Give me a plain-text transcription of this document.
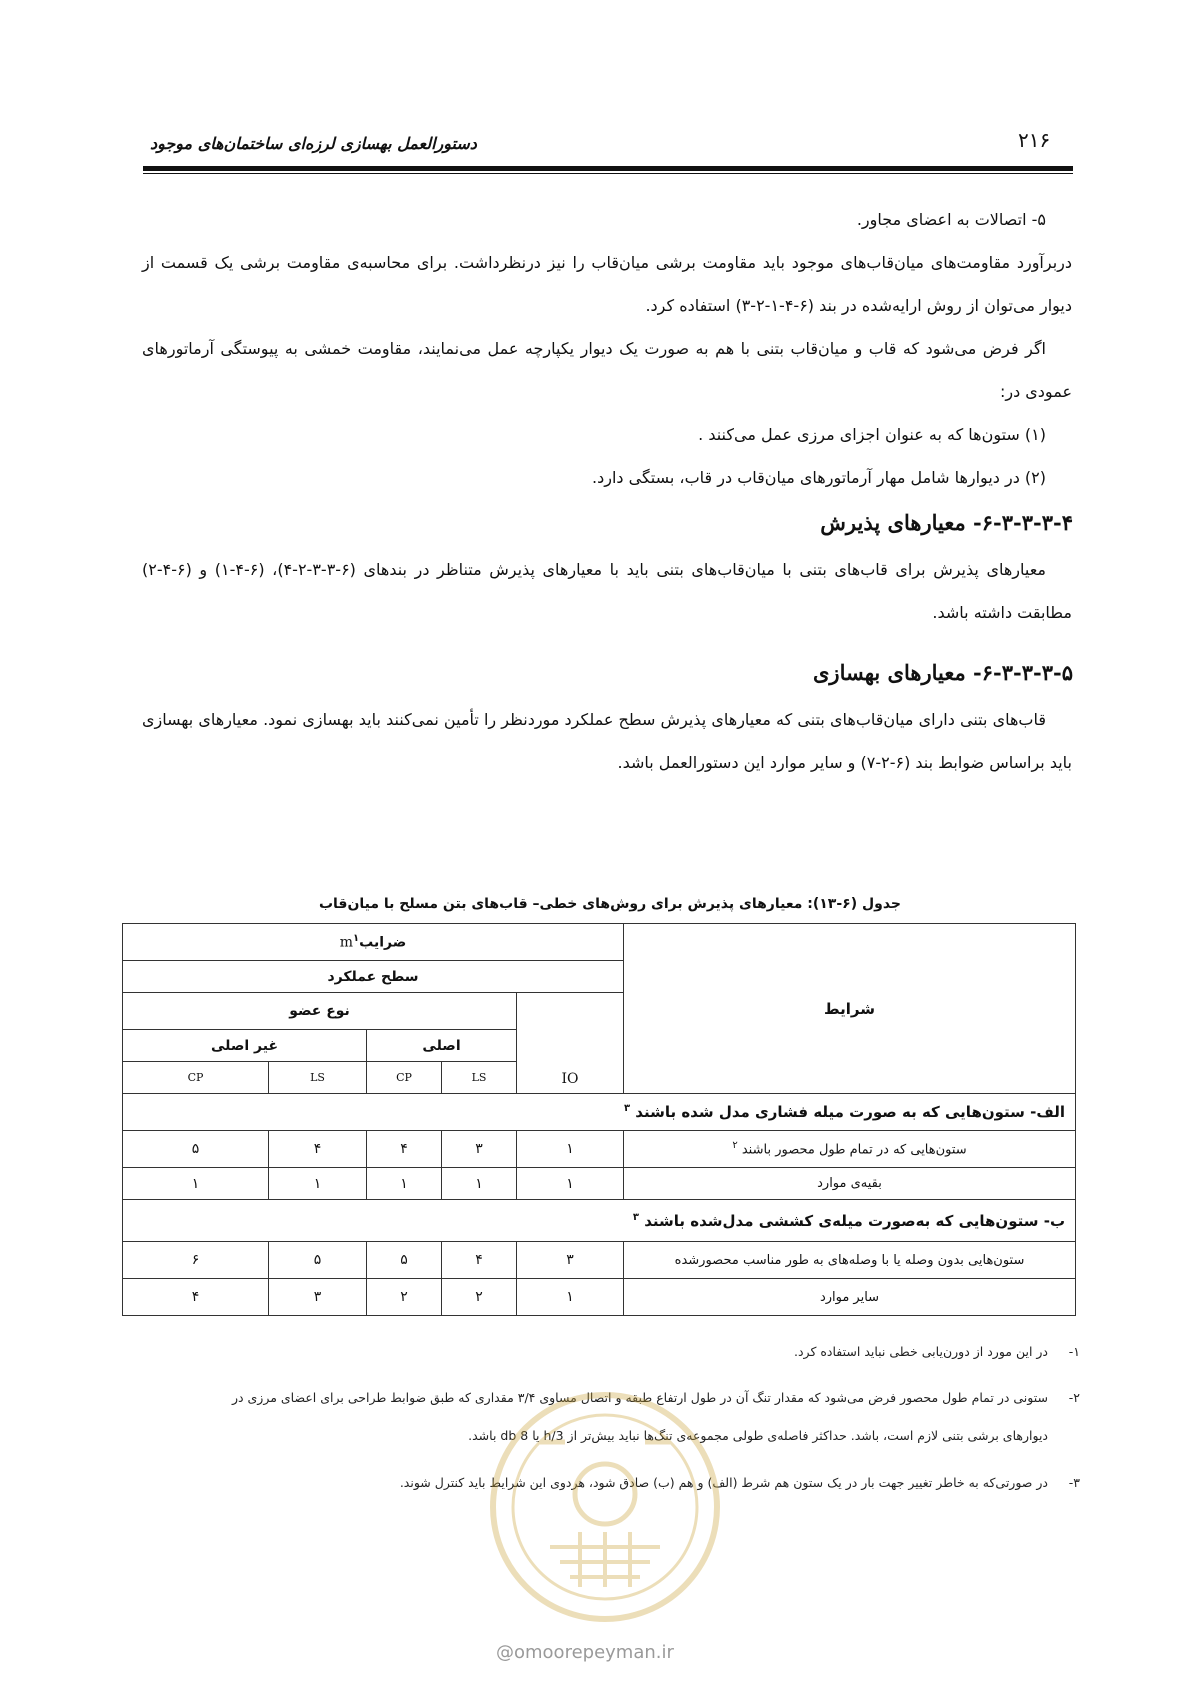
دستورالعمل بهسازی لرزه‌ای ساختمان‌های موجود	۲۱۶

۵- اتصالات به اعضای مجاور.

دربرآورد مقاومت‌های میان‌قاب‌های موجود باید مقاومت برشی میان‌قاب را نیز درنظرداشت. برای محاسبه‌ی مقاومت برشی یک قسمت از دیوار می‌توان از روش ارایه‌شده در بند (۶-۴-۱-۲-۳) استفاده کرد.

اگر فرض می‌شود که قاب و میان‌قاب بتنی با هم به صورت یک دیوار یکپارچه عمل می‌نمایند، مقاومت خمشی به پیوستگی آرماتورهای عمودی در:

(۱) ستون‌ها که به عنوان اجزای مرزی عمل می‌کنند .

(۲) در دیوارها شامل مهار آرماتورهای میان‌قاب در قاب، بستگی دارد.

۶-۳-۳-۳-۴- معیارهای پذیرش

معیارهای پذیرش برای قاب‌های بتنی با میان‌قاب‌های بتنی باید با معیارهای پذیرش متناظر در بندهای (۶-۳-۳-۲-۴)، (۶-۴-۱) و (۶-۴-۲) مطابقت داشته باشد.

۶-۳-۳-۳-۵- معیارهای بهسازی

قاب‌های بتنی دارای میان‌قاب‌های بتنی که معیارهای پذیرش سطح عملکرد موردنظر را تأمین نمی‌کنند باید بهسازی نمود. معیارهای بهسازی باید براساس ضوابط بند (۶-۲-۷) و سایر موارد این دستورالعمل باشد.

جدول (۶-۱۳): معیارهای پذیرش برای روش‌های خطی– قاب‌های بتن مسلح با میان‌قاب
شرایط	ضرایبm$^۱$
	سطح عملکرد				
	IO	نوع عضو			
		اصلی		غیر اصلی	
		LS	CP	LS	CP
الف- ستون‌هایی که به صورت میله فشاری مدل شده باشند $^۳$
ستون‌هایی که در تمام طول محصور باشند $^۲$	۱	۳	۴	۴	۵
بقیه‌ی موارد	۱	۱	۱	۱	۱
ب- ستون‌هایی که به‌صورت میله‌ی کششی مدل‌شده باشند $^۳$
ستون‌هایی بدون وصله یا با وصله‌های به طور مناسب محصورشده	۳	۴	۵	۵	۶
سایر موارد	۱	۲	۲	۳	۴
۱-

در این مورد از دورن‌یابی خطی نباید استفاده کرد.

۲-

ستونی در تمام طول محصور فرض می‌شود که مقدار تنگ آن در طول ارتفاع طبقه و اتصال مساوی ۳/۴ مقداری که طبق ضوابط طراحی برای اعضای مرزی در

دیوارهای برشی بتنی لازم است، باشد. حداکثر فاصله‌ی طولی مجموعه‌ی تنگ‌ها نباید بیش‌تر از h/3 یا 8 db باشد.

۳-

در صورتی‌که به خاطر تغییر جهت بار در یک ستون هم شرط (الف) و هم (ب) صادق شود، هردوی این شرایط باید کنترل شوند.

@omoorepeyman.ir
